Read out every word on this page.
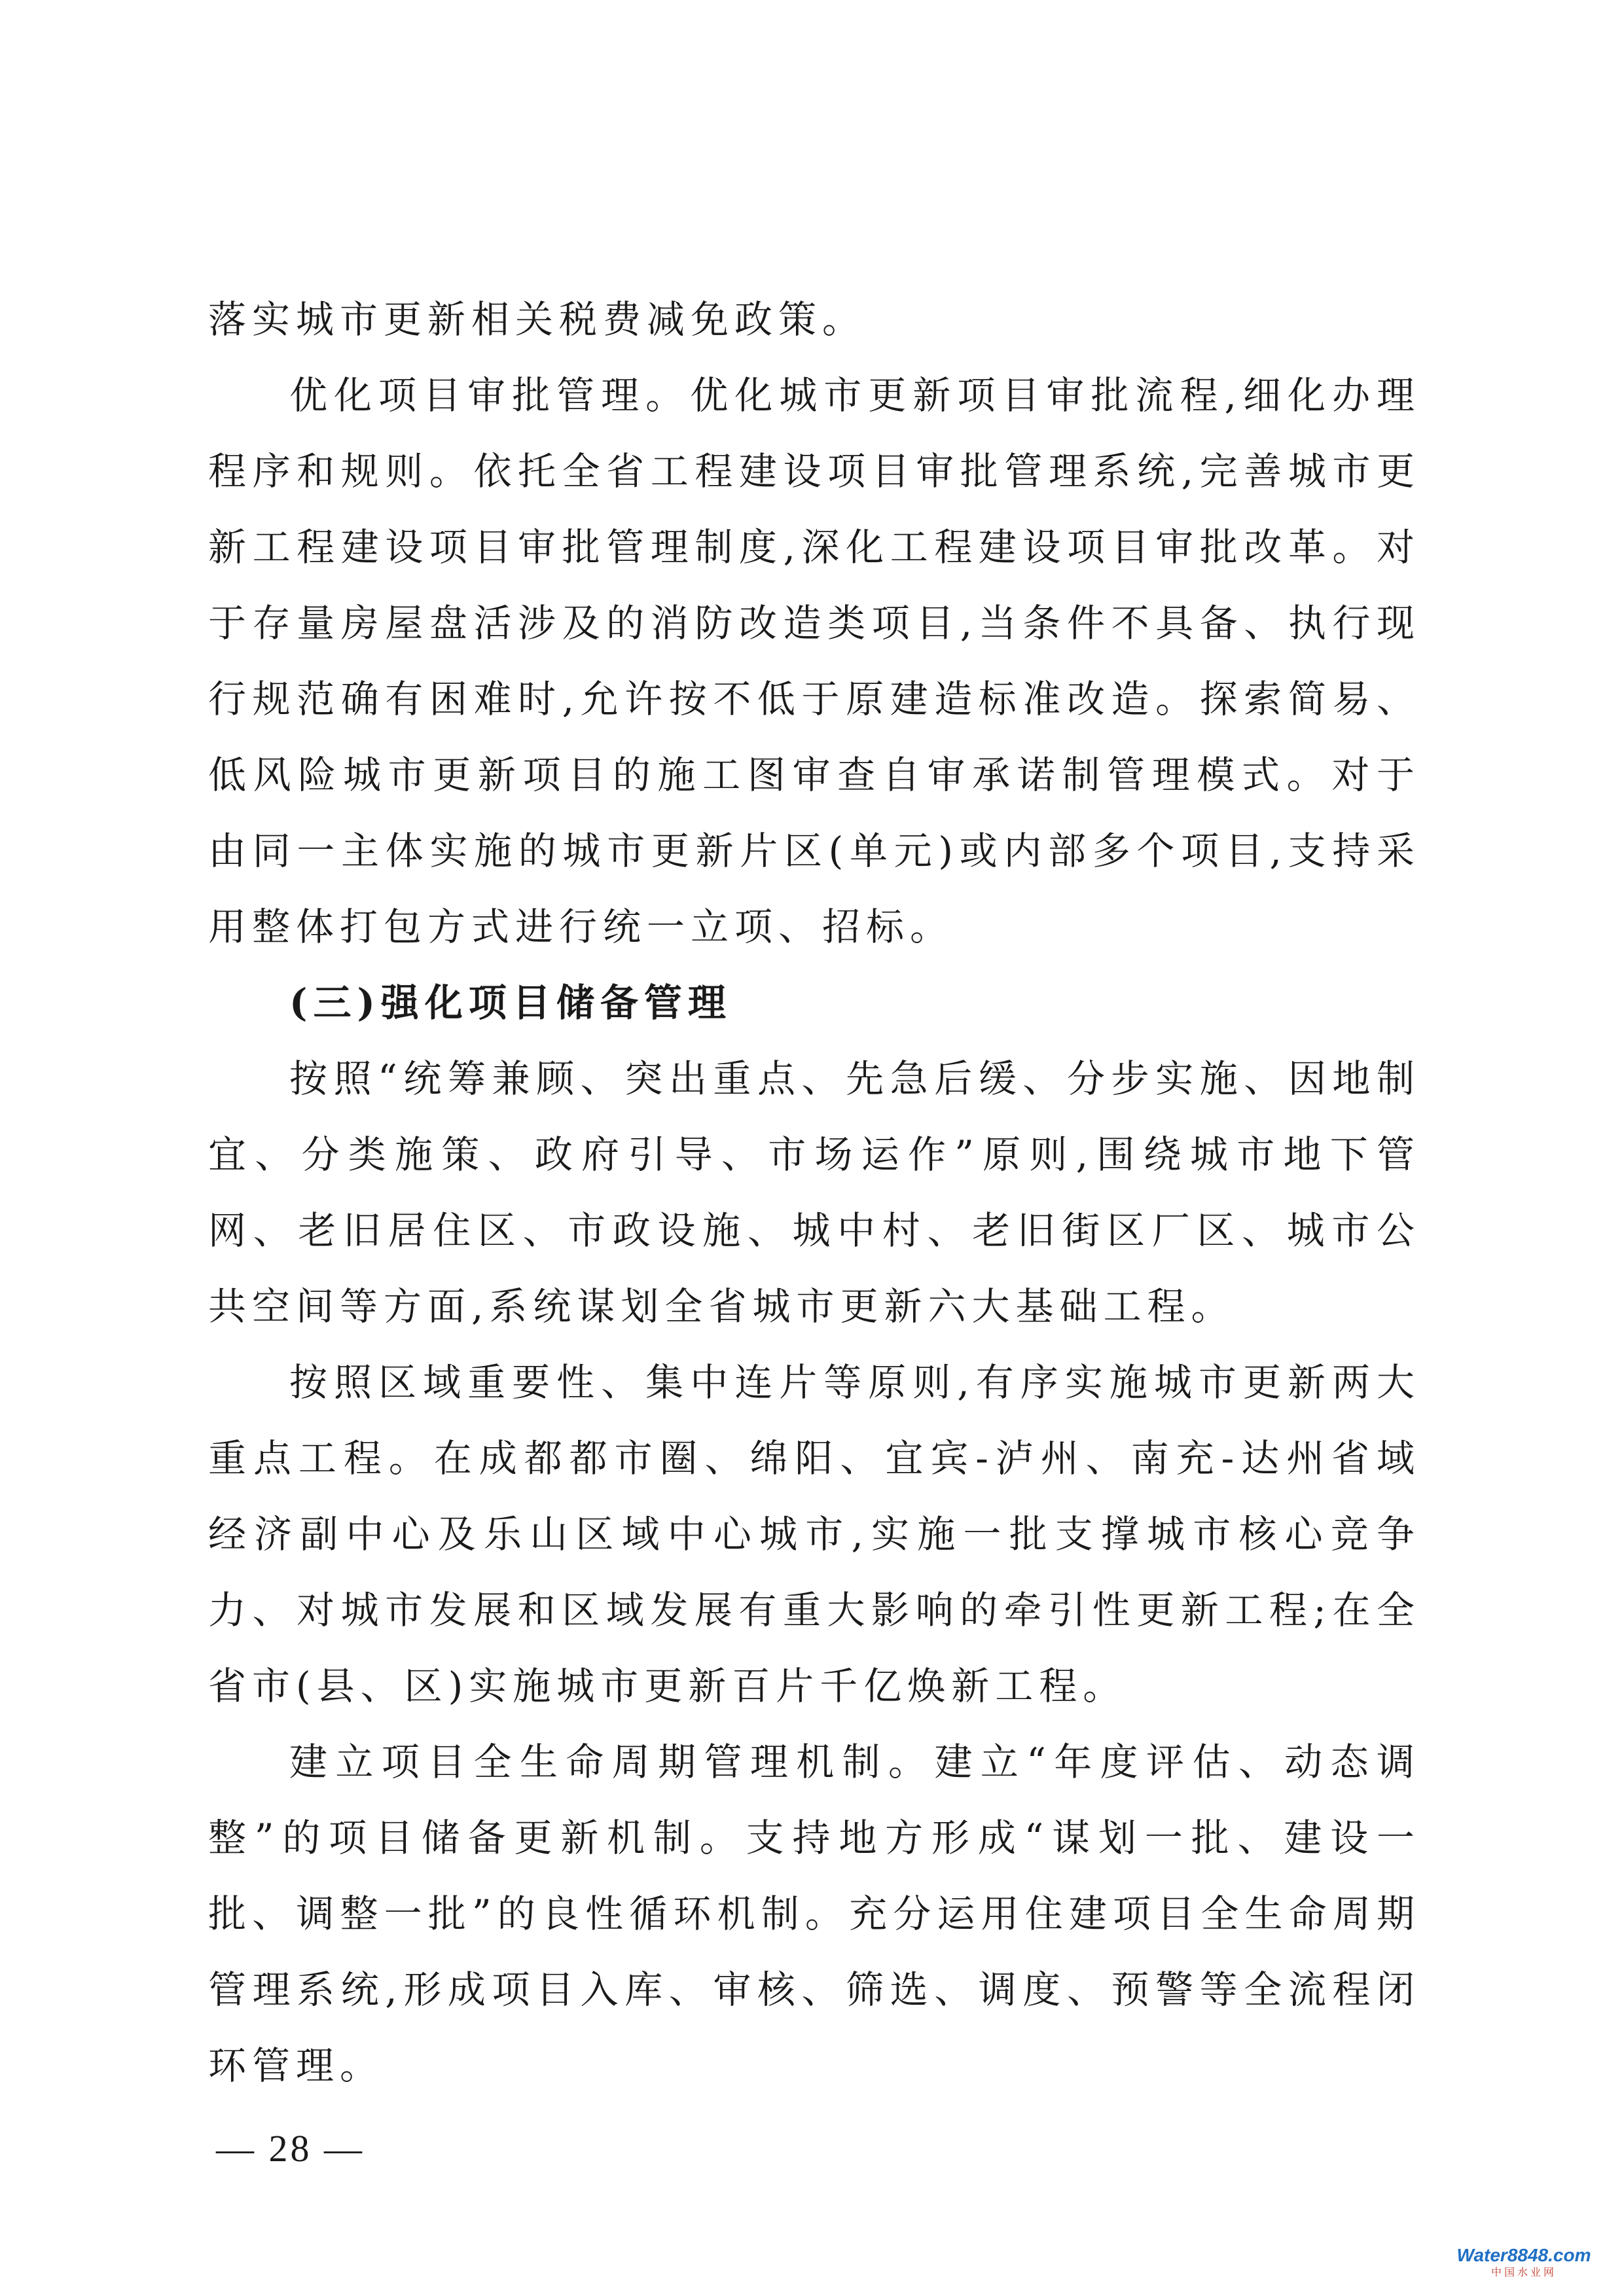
落实城市更新相关税费减免政策。

优化项目审批管理。优化城市更新项目审批流程,细化办理程序和规则。依托全省工程建设项目审批管理系统,完善城市更新工程建设项目审批管理制度,深化工程建设项目审批改革。对于存量房屋盘活涉及的消防改造类项目,当条件不具备、执行现行规范确有困难时,允许按不低于原建造标准改造。探索简易、低风险城市更新项目的施工图审查自审承诺制管理模式。对于由同一主体实施的城市更新片区(单元)或内部多个项目,支持采用整体打包方式进行统一立项、招标。

(三)强化项目储备管理

按照“统筹兼顾、突出重点、先急后缓、分步实施、因地制宜、分类施策、政府引导、市场运作”原则,围绕城市地下管网、老旧居住区、市政设施、城中村、老旧街区厂区、城市公共空间等方面,系统谋划全省城市更新六大基础工程。

按照区域重要性、集中连片等原则,有序实施城市更新两大重点工程。在成都都市圈、绵阳、宜宾-泸州、南充-达州省域经济副中心及乐山区域中心城市,实施一批支撑城市核心竞争力、对城市发展和区域发展有重大影响的牵引性更新工程;在全省市(县、区)实施城市更新百片千亿焕新工程。

建立项目全生命周期管理机制。建立“年度评估、动态调整”的项目储备更新机制。支持地方形成“谋划一批、建设一批、调整一批”的良性循环机制。充分运用住建项目全生命周期管理系统,形成项目入库、审核、筛选、调度、预警等全流程闭环管理。

— 28 —
Water8848.com
中国水业网
